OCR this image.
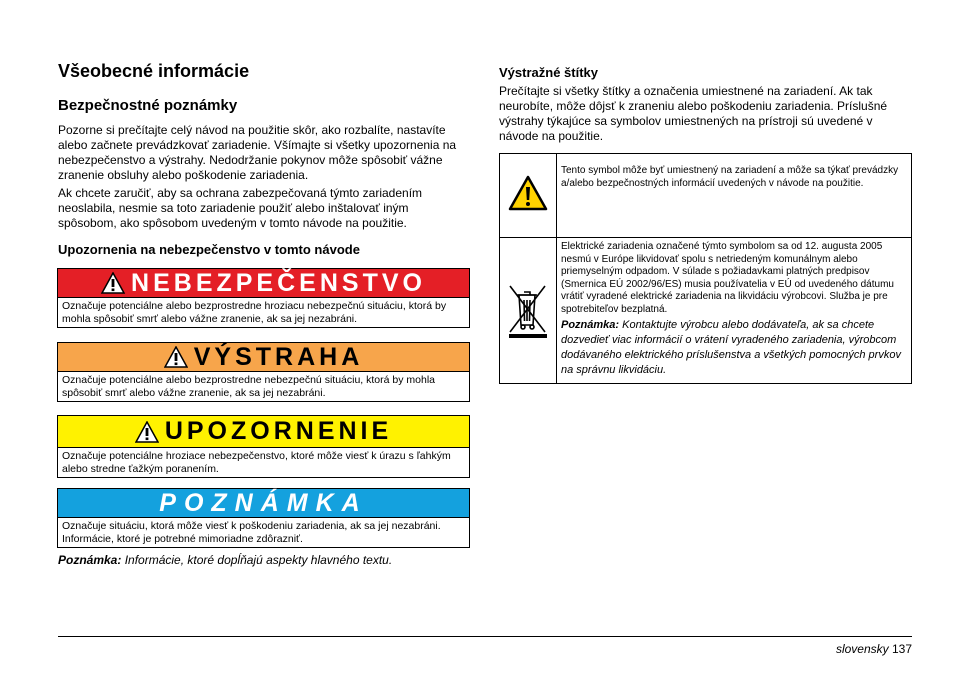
Všeobecné informácie
Bezpečnostné poznámky

Pozorne si prečítajte celý návod na použitie skôr, ako rozbalíte, nastavíte alebo začnete prevádzkovať zariadenie. Všímajte si všetky upozornenia na nebezpečenstvo a výstrahy. Nedodržanie pokynov môže spôsobiť vážne zranenie obsluhy alebo poškodenie zariadenia.

Ak chcete zaručiť, aby sa ochrana zabezpečovaná týmto zariadením neoslabila, nesmie sa toto zariadenie použiť alebo inštalovať iným spôsobom, ako spôsobom uvedeným v tomto návode na použitie.

Upozornenia na nebezpečenstvo v tomto návode
NEBEZPEČENSTVO
Označuje potenciálne alebo bezprostredne hroziacu nebezpečnú situáciu, ktorá by mohla spôsobiť smrť alebo vážne zranenie, ak sa jej nezabráni.
VÝSTRAHA
Označuje potenciálne alebo bezprostredne nebezpečnú situáciu, ktorá by mohla spôsobiť smrť alebo vážne zranenie, ak sa jej nezabráni.
UPOZORNENIE
Označuje potenciálne hroziace nebezpečenstvo, ktoré môže viesť k úrazu s ľahkým alebo stredne ťažkým poranením.
POZNÁMKA
Označuje situáciu, ktorá môže viesť k poškodeniu zariadenia, ak sa jej nezabráni. Informácie, ktoré je potrebné mimoriadne zdôrazniť.
Poznámka: Informácie, ktoré dopĺňajú aspekty hlavného textu.
Výstražné štítky

Prečítajte si všetky štítky a označenia umiestnené na zariadení. Ak tak neurobíte, môže dôjsť k zraneniu alebo poškodeniu zariadenia. Príslušné výstrahy týkajúce sa symbolov umiestnených na prístroji sú uvedené v návode na použitie.

	Tento symbol môže byť umiestnený na zariadení a môže sa týkať prevádzky a/alebo bezpečnostných informácií uvedených v návode na použitie.

Elektrické zariadenia označené týmto symbolom sa od 12. augusta 2005 nesmú v Európe likvidovať spolu s netriedeným komunálnym alebo priemyselným odpadom. V súlade s požiadavkami platných predpisov (Smernica EÚ 2002/96/ES) musia používatelia v EÚ od uvedeného dátumu vrátiť vyradené elektrické zariadenia na likvidáciu výrobcovi. Služba je pre spotrebiteľov bezplatná.
Poznámka: Kontaktujte výrobcu alebo dodávateľa, ak sa chcete dozvedieť viac informácií o vrátení vyradeného zariadenia, výrobcom dodávaného elektrického príslušenstva a všetkých pomocných prvkov na správnu likvidáciu.
slovensky 137
